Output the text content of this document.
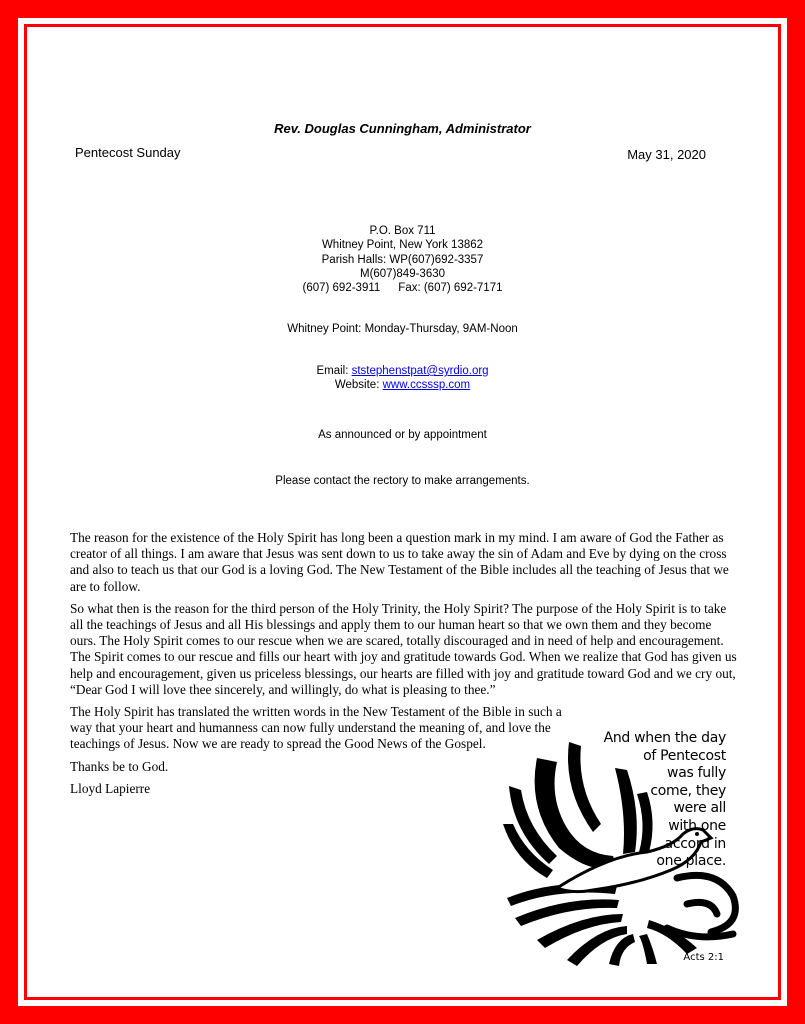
Rev. Douglas Cunningham, Administrator
Pentecost Sunday	May 31, 2020
P.O. Box 711
Whitney Point, New York 13862
Parish Halls: WP(607)692-3357
M(607)849-3630
(607) 692-3911 Fax: (607) 692-7171
Whitney Point: Monday-Thursday, 9AM-Noon
Email: ststephenstpat@syrdio.org
Website: www.ccsssp.com
As announced or by appointment
Please contact the rectory to make arrangements.

The reason for the existence of the Holy Spirit has long been a question mark in my mind. I am aware of God the Father as creator of all things. I am aware that Jesus was sent down to us to take away the sin of Adam and Eve by dying on the cross and also to teach us that our God is a loving God. The New Testament of the Bible includes all the teaching of Jesus that we are to follow.

So what then is the reason for the third person of the Holy Trinity, the Holy Spirit? The purpose of the Holy Spirit is to take all the teachings of Jesus and all His blessings and apply them to our human heart so that we own them and they become ours. The Holy Spirit comes to our rescue when we are scared, totally discouraged and in need of help and encouragement. The Spirit comes to our rescue and fills our heart with joy and gratitude towards God. When we realize that God has given us help and encouragement, given us priceless blessings, our hearts are filled with joy and gratitude toward God and we cry out, “Dear God I will love thee sincerely, and willingly, do what is pleasing to thee.”

The Holy Spirit has translated the written words in the New Testament of the Bible in such a way that your heart and humanness can now fully understand the meaning of, and love the teachings of Jesus. Now we are ready to spread the Good News of the Gospel.

Thanks be to God.

Lloyd Lapierre

And when the day
of Pentecost
was fully
come, they
were all
with one
accord in
one place.
Acts 2:1
